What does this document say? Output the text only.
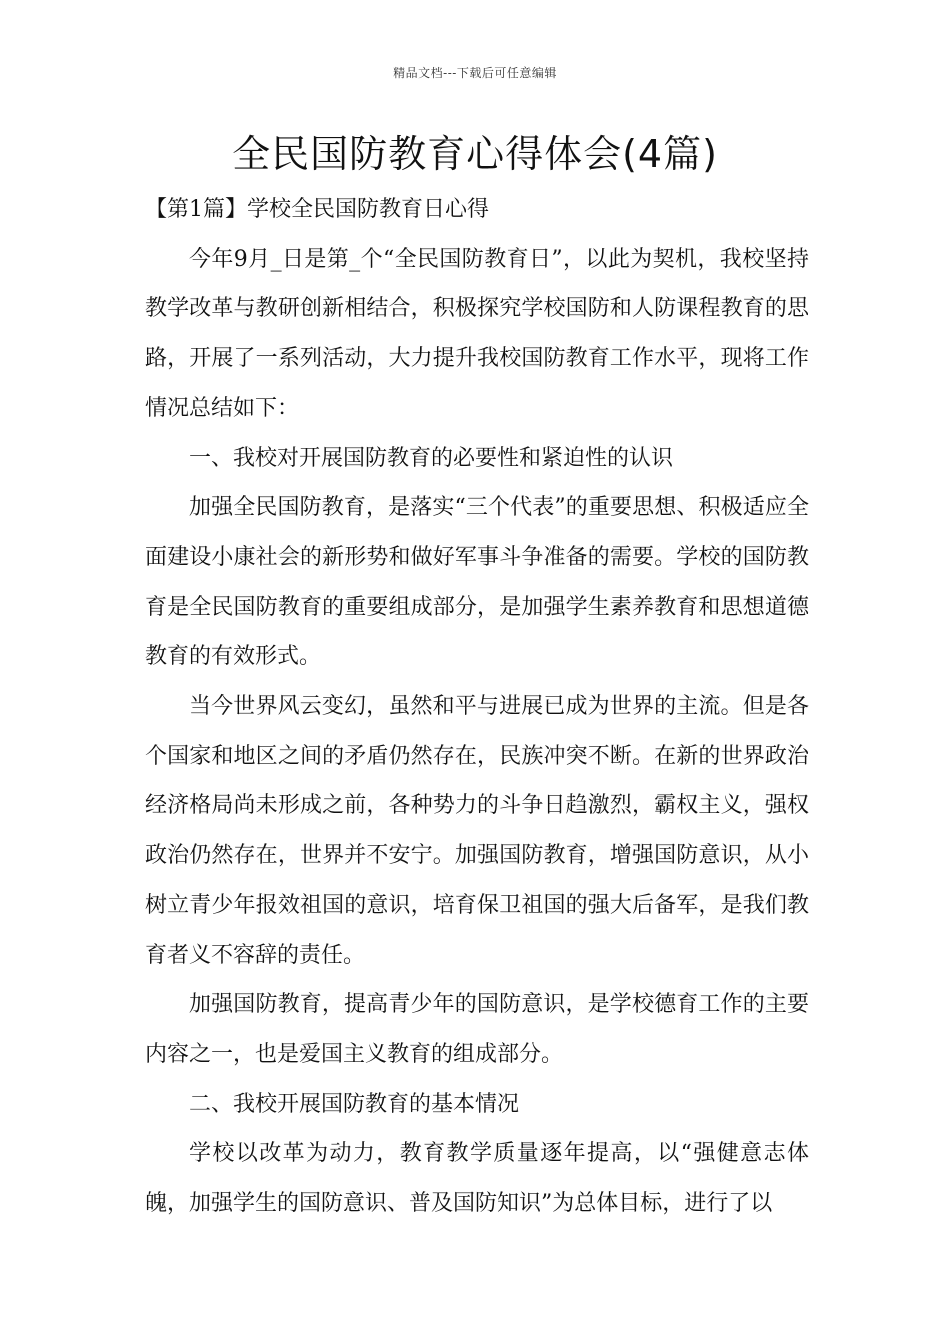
精品文档---下载后可任意编辑
全民国防教育心得体会(4篇)

【第1篇】学校全民国防教育日心得

今年9月_日是第_个“全民国防教育日”，以此为契机，我校坚持教学改革与教研创新相结合，积极探究学校国防和人防课程教育的思路，开展了一系列活动，大力提升我校国防教育工作水平，现将工作情况总结如下：

一、我校对开展国防教育的必要性和紧迫性的认识

加强全民国防教育，是落实“三个代表”的重要思想、积极适应全面建设小康社会的新形势和做好军事斗争准备的需要。学校的国防教育是全民国防教育的重要组成部分，是加强学生素养教育和思想道德教育的有效形式。

当今世界风云变幻，虽然和平与进展已成为世界的主流。但是各个国家和地区之间的矛盾仍然存在，民族冲突不断。在新的世界政治经济格局尚未形成之前，各种势力的斗争日趋激烈，霸权主义，强权政治仍然存在，世界并不安宁。加强国防教育，增强国防意识，从小树立青少年报效祖国的意识，培育保卫祖国的强大后备军，是我们教育者义不容辞的责任。

加强国防教育，提高青少年的国防意识，是学校德育工作的主要内容之一，也是爱国主义教育的组成部分。

二、我校开展国防教育的基本情况

学校以改革为动力，教育教学质量逐年提高，以“强健意志体魄，加强学生的国防意识、普及国防知识”为总体目标，进行了以
